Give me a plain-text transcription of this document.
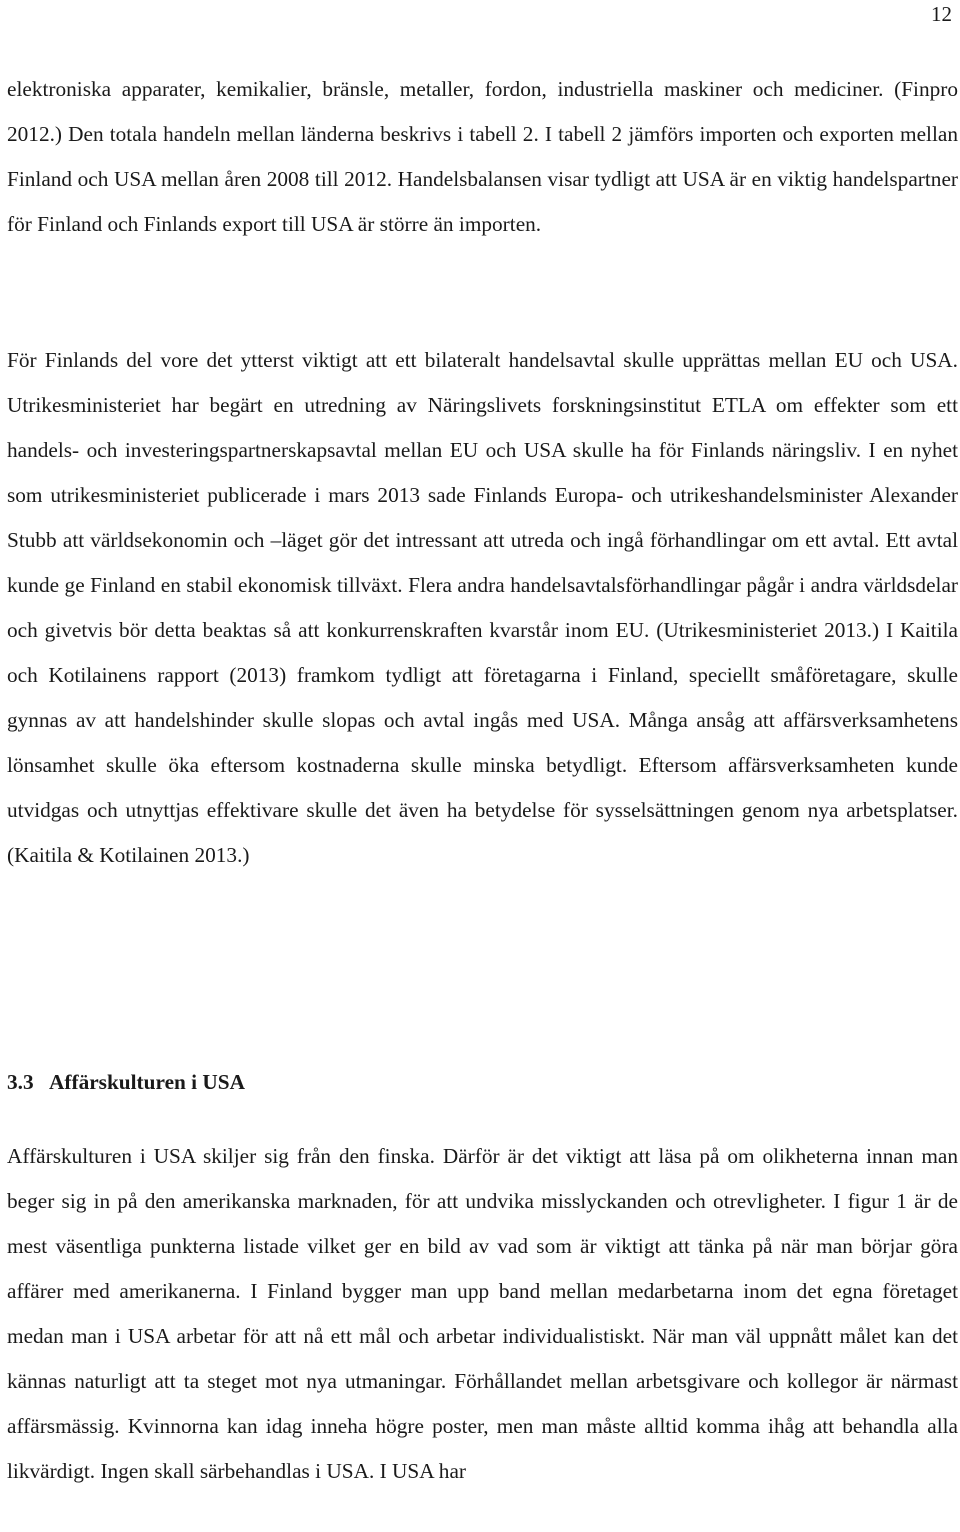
12

elektroniska apparater, kemikalier, bränsle, metaller, fordon, industriella maskiner och mediciner. (Finpro 2012.) Den totala handeln mellan länderna beskrivs i tabell 2. I tabell 2 jämförs importen och exporten mellan Finland och USA mellan åren 2008 till 2012. Handelsbalansen visar tydligt att USA är en viktig handelspartner för Finland och Finlands export till USA är större än importen.

För Finlands del vore det ytterst viktigt att ett bilateralt handelsavtal skulle upprättas mellan EU och USA. Utrikesministeriet har begärt en utredning av Näringslivets forskningsinstitut ETLA om effekter som ett handels- och investeringspartnerskapsavtal mellan EU och USA skulle ha för Finlands näringsliv. I en nyhet som utrikesministeriet publicerade i mars 2013 sade Finlands Europa- och utrikeshandelsminister Alexander Stubb att världsekonomin och –läget gör det intressant att utreda och ingå förhandlingar om ett avtal. Ett avtal kunde ge Finland en stabil ekonomisk tillväxt. Flera andra handelsavtalsförhandlingar pågår i andra världsdelar och givetvis bör detta beaktas så att konkurrenskraften kvarstår inom EU. (Utrikesministeriet 2013.) I Kaitila och Kotilainens rapport (2013) framkom tydligt att företagarna i Finland, speciellt småföretagare, skulle gynnas av att handelshinder skulle slopas och avtal ingås med USA. Många ansåg att affärsverksamhetens lönsamhet skulle öka eftersom kostnaderna skulle minska betydligt. Eftersom affärsverksamheten kunde utvidgas och utnyttjas effektivare skulle det även ha betydelse för sysselsättningen genom nya arbetsplatser. (Kaitila & Kotilainen 2013.)

3.3 Affärskulturen i USA

Affärskulturen i USA skiljer sig från den finska. Därför är det viktigt att läsa på om olikheterna innan man beger sig in på den amerikanska marknaden, för att undvika misslyckanden och otrevligheter. I figur 1 är de mest väsentliga punkterna listade vilket ger en bild av vad som är viktigt att tänka på när man börjar göra affärer med amerikanerna. I Finland bygger man upp band mellan medarbetarna inom det egna företaget medan man i USA arbetar för att nå ett mål och arbetar individualistiskt. När man väl uppnått målet kan det kännas naturligt att ta steget mot nya utmaningar. Förhållandet mellan arbetsgivare och kollegor är närmast affärsmässig. Kvinnorna kan idag inneha högre poster, men man måste alltid komma ihåg att behandla alla likvärdigt. Ingen skall särbehandlas i USA. I USA har
